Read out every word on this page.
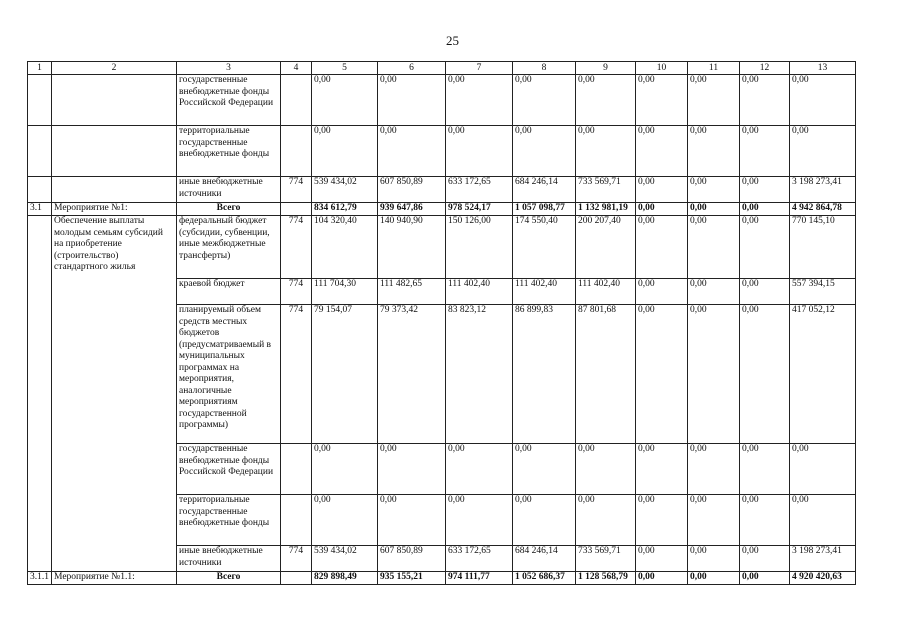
25
1	2	3	4	5	6	7	8	9	10	11	12	13
		государственные внебюджетные фонды Российской Федерации		0,00	0,00	0,00	0,00	0,00	0,00	0,00	0,00	0,00
		территориальные государственные внебюджетные фонды		0,00	0,00	0,00	0,00	0,00	0,00	0,00	0,00	0,00
		иные внебюджетные источники	774	539 434,02	607 850,89	633 172,65	684 246,14	733 569,71	0,00	0,00	0,00	3 198 273,41
3.1	Мероприятие №1:	Всего		834 612,79	939 647,86	978 524,17	1 057 098,77	1 132 981,19	0,00	0,00	0,00	4 942 864,78
	Обеспечение выплаты молодым семьям субсидий на приобретение (строительство) стандартного жилья	федеральный бюджет (субсидии, субвенции, иные межбюджетные трансферты)	774	104 320,40	140 940,90	150 126,00	174 550,40	200 207,40	0,00	0,00	0,00	770 145,10
		краевой бюджет	774	111 704,30	111 482,65	111 402,40	111 402,40	111 402,40	0,00	0,00	0,00	557 394,15
		планируемый объем средств местных бюджетов (предусматриваемый в муниципальных программах на мероприятия, аналогичные мероприятиям государственной программы)	774	79 154,07	79 373,42	83 823,12	86 899,83	87 801,68	0,00	0,00	0,00	417 052,12
		государственные внебюджетные фонды Российской Федерации		0,00	0,00	0,00	0,00	0,00	0,00	0,00	0,00	0,00
		территориальные государственные внебюджетные фонды		0,00	0,00	0,00	0,00	0,00	0,00	0,00	0,00	0,00
		иные внебюджетные источники	774	539 434,02	607 850,89	633 172,65	684 246,14	733 569,71	0,00	0,00	0,00	3 198 273,41
3.1.1	Мероприятие №1.1:	Всего		829 898,49	935 155,21	974 111,77	1 052 686,37	1 128 568,79	0,00	0,00	0,00	4 920 420,63
